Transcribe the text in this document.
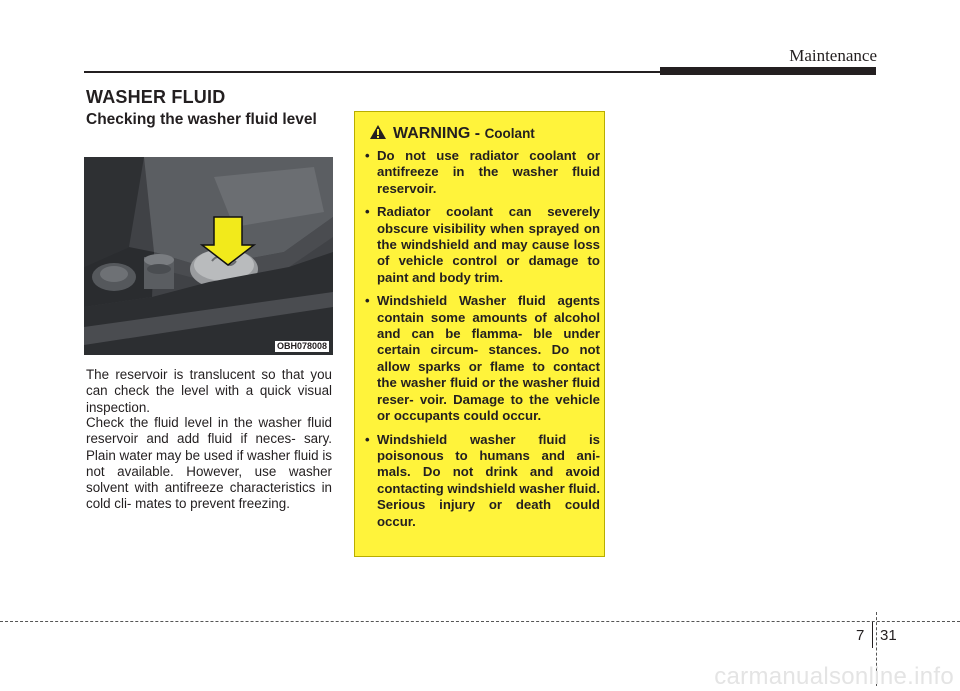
Maintenance
WASHER FLUID
Checking the washer fluid level
OBH078008
The reservoir is translucent so that you can check the level with a quick visual inspection.
Check the fluid level in the washer fluid reservoir and add fluid if neces- sary. Plain water may be used if washer fluid is not available. However, use washer solvent with antifreeze characteristics in cold cli- mates to prevent freezing.
WARNING - Coolant
• Do not use radiator coolant or antifreeze in the washer fluid reservoir.
• Radiator coolant can severely obscure visibility when sprayed on the windshield and may cause loss of vehicle control or damage to paint and body trim.
• Windshield Washer fluid agents contain some amounts of alcohol and can be flamma- ble under certain circum- stances. Do not allow sparks or flame to contact the washer fluid or the washer fluid reser- voir. Damage to the vehicle or occupants could occur.
• Windshield washer fluid is poisonous to humans and ani- mals. Do not drink and avoid contacting windshield washer fluid. Serious injury or death could occur.
7 31
carmanualsonline.info
